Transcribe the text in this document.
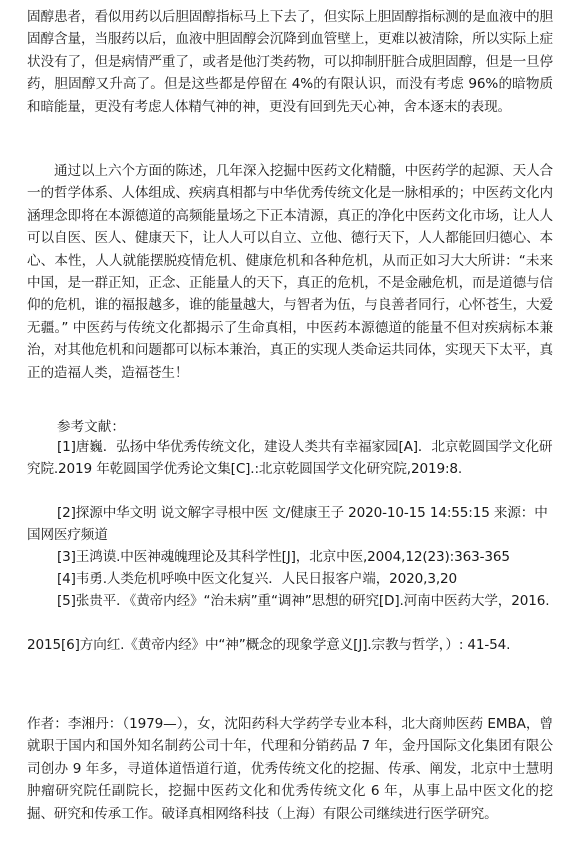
固醇患者，看似用药以后胆固醇指标马上下去了，但实际上胆固醇指标测的是血液中的胆固醇含量，当服药以后，血液中胆固醇会沉降到血管壁上，更难以被清除，所以实际上症状没有了，但是病情严重了，或者是他汀类药物，可以抑制肝脏合成胆固醇，但是一旦停药，胆固醇又升高了。但是这些都是停留在 4%的有限认识，而没有考虑 96%的暗物质和暗能量，更没有考虑人体精气神的神，更没有回到先天心神，舍本逐末的表现。

通过以上六个方面的陈述，几年深入挖掘中医药文化精髓，中医药学的起源、天人合一的哲学体系、人体组成、疾病真相都与中华优秀传统文化是一脉相承的；中医药文化内涵理念即将在本源德道的高频能量场之下正本清源，真正的净化中医药文化市场，让人人可以自医、医人、健康天下，让人人可以自立、立他、德行天下，人人都能回归德心、本心、本性，人人就能摆脱疫情危机、健康危机和各种危机，从而正如习大大所讲：“未来中国，是一群正知，正念、正能量人的天下，真正的危机，不是金融危机，而是道德与信仰的危机，谁的福报越多，谁的能量越大，与智者为伍，与良善者同行，心怀苍生，大爱无疆。” 中医药与传统文化都揭示了生命真相，中医药本源德道的能量不但对疾病标本兼治，对其他危机和问题都可以标本兼治，真正的实现人类命运共同体，实现天下太平，真正的造福人类，造福苍生！

参考文献：

[1]唐巍．弘扬中华优秀传统文化，建设人类共有幸福家园[A]．北京乾圆国学文化研究院.2019 年乾圆国学优秀论文集[C].:北京乾圆国学文化研究院,2019:8.

[2]探源中华文明 说文解字寻根中医 文/健康王子 2020-10-15 14:55:15 来源：中国网医疗频道

[3]王鸿谟.中医神魂魄理论及其科学性[J]，北京中医,2004,12(23):363-365

[4]韦勇.人类危机呼唤中医文化复兴．人民日报客户端，2020,3,20

[5]张贵平．《黄帝内经》“治未病”重“调神”思想的研究[D].河南中医药大学，2016.

2015[6]方向红.《黄帝内经》中“神”概念的现象学意义[J].宗教与哲学，）: 41-54.

作者：李湘丹：（1979—），女，沈阳药科大学药学专业本科，北大商帅医药 EMBA，曾就职于国内和国外知名制药公司十年，代理和分销药品 7 年，金丹国际文化集团有限公司创办 9 年多，寻道体道悟道行道，优秀传统文化的挖掘、传承、阐发，北京中士慧明肿瘤研究院任副院长，挖掘中医药文化和优秀传统文化 6 年，从事上品中医文化的挖掘、研究和传承工作。破译真相网络科技（上海）有限公司继续进行医学研究。
